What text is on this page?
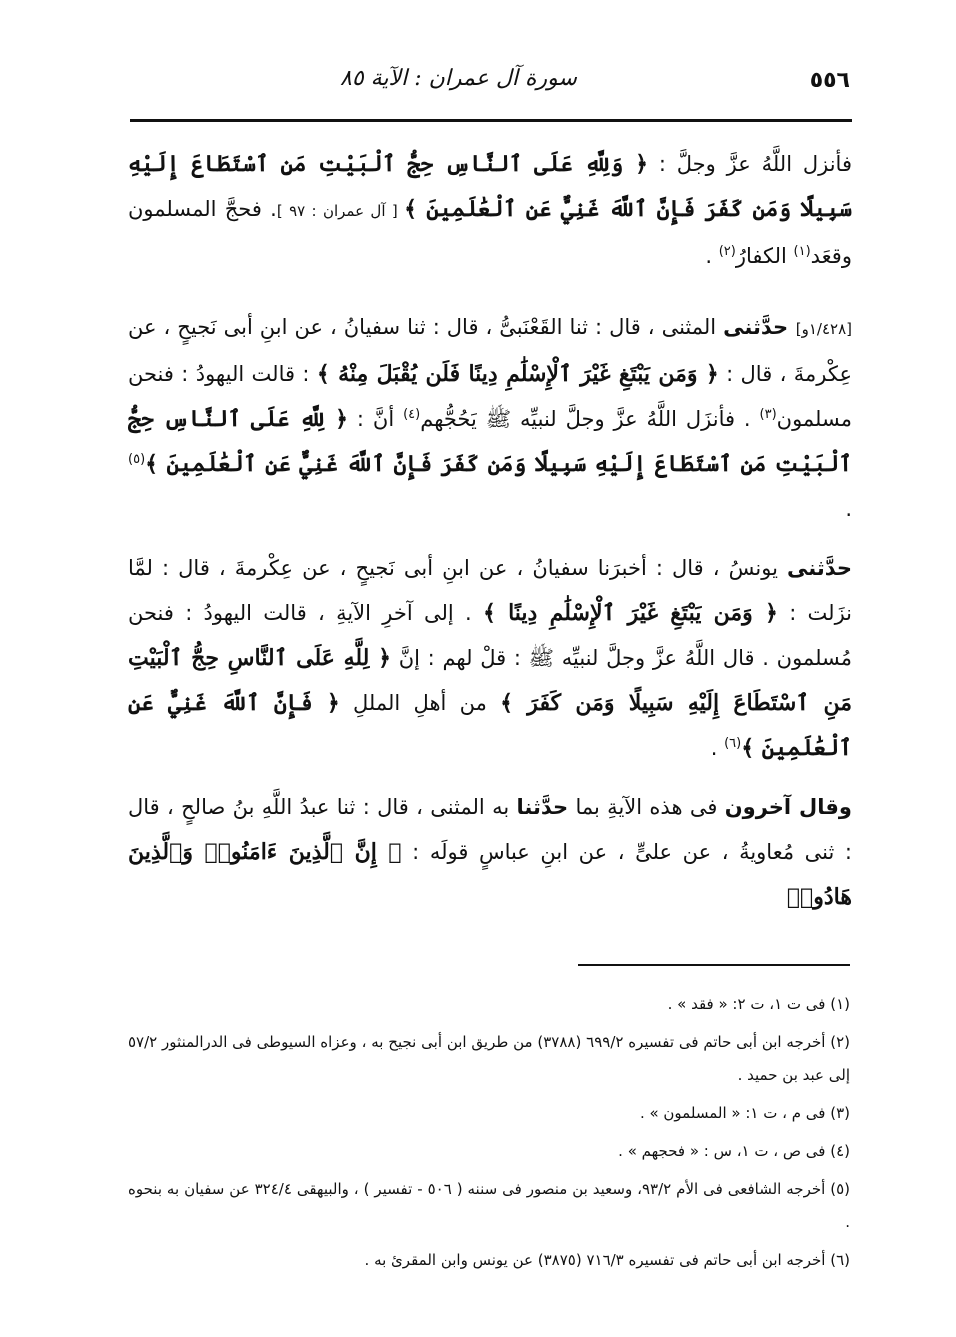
٥٥٦
سورة آل عمران : الآية ٨٥

فأنزل اللَّهُ عزَّ وجلَّ : ﴿ وَلِلَّهِ عَلَى ٱلنَّاسِ حِجُّ ٱلْبَيْتِ مَنِ ٱسْتَطَاعَ إِلَيْهِ سَبِيلًا وَمَن كَفَرَ فَإِنَّ ٱللَّهَ غَنِيٌّ عَنِ ٱلْعَٰلَمِينَ ﴾ [ آل عمران : ٩٧ ]. فحجَّ المسلمون وقعَد$^{(١)}$ الكفارُ$^{(٢)}$ .

[١/٤٢٨و] حدَّثنى المثنى ، قال : ثنا القَعْنَبىُّ ، قال : ثنا سفيانُ ، عن ابنِ أبى نَجيحٍ ، عن عِكْرمةَ ، قال : ﴿ وَمَن يَبْتَغِ غَيْرَ ٱلْإِسْلَٰمِ دِينًا فَلَن يُقْبَلَ مِنْهُ ﴾ : قالت اليهودُ : فنحن مسلمون$^{(٣)}$ . فأنزَل اللَّهُ عزَّ وجلَّ لنبيِّه ﷺ يَحُجُّهم$^{(٤)}$ أنَّ : ﴿ لِلَّهِ عَلَى ٱلنَّاسِ حِجُّ ٱلْبَيْتِ مَنِ ٱسْتَطَاعَ إِلَيْهِ سَبِيلًا وَمَن كَفَرَ فَإِنَّ ٱللَّهَ غَنِيٌّ عَنِ ٱلْعَٰلَمِينَ ﴾$^{(٥)}$ .

حدَّثنى يونسُ ، قال : أخبرَنا سفيانُ ، عن ابنِ أبى نَجيحٍ ، عن عِكْرمةَ ، قال : لمَّا نزَلت : ﴿ وَمَن يَبْتَغِ غَيْرَ ٱلْإِسْلَٰمِ دِينًا ﴾ . إلى آخرِ الآيةِ ، قالت اليهودُ : فنحن مُسلمون . قال اللَّهُ عزَّ وجلَّ لنبيِّه ﷺ : قلْ لهم : إنَّ ﴿ لِلَّهِ عَلَى ٱلنَّاسِ حِجُّ ٱلْبَيْتِ مَنِ ٱسْتَطَاعَ إِلَيْهِ سَبِيلًا وَمَن كَفَرَ ﴾ من أهلِ المللِ ﴿ فَإِنَّ ٱللَّهَ غَنِيٌّ عَنِ ٱلْعَٰلَمِينَ ﴾$^{(٦)}$ .

وقال آخرون فى هذه الآيةِ بما حدَّثنا به المثنى ، قال : ثنا عبدُ اللَّهِ بنُ صالحٍ ، قال : ثنى مُعاويةُ ، عن علىٍّ ، عن ابنِ عباسٍ قولَه : ﴿ إِنَّ ٱلَّذِينَ ءَامَنُوا۟ وَٱلَّذِينَ هَادُوا۟

(١) فى ت ١، ت ٢: « فقد » .

(٢) أخرجه ابن أبى حاتم فى تفسيره ٦٩٩/٢ (٣٧٨٨) من طريق ابن أبى نجيح به ، وعزاه السيوطى فى الدرالمنثور ٥٧/٢ إلى عبد بن حميد .

(٣) فى م ، ت ١: « المسلمون » .

(٤) فى ص ، ت ١، س : « فحجهم » .

(٥) أخرجه الشافعى فى الأم ٩٣/٢، وسعيد بن منصور فى سننه ( ٥٠٦ - تفسير ) ، والبيهقى ٣٢٤/٤ عن سفيان به بنحوه .

(٦) أخرجه ابن أبى حاتم فى تفسيره ٧١٦/٣ (٣٨٧٥) عن يونس وابن المقرئ به .
